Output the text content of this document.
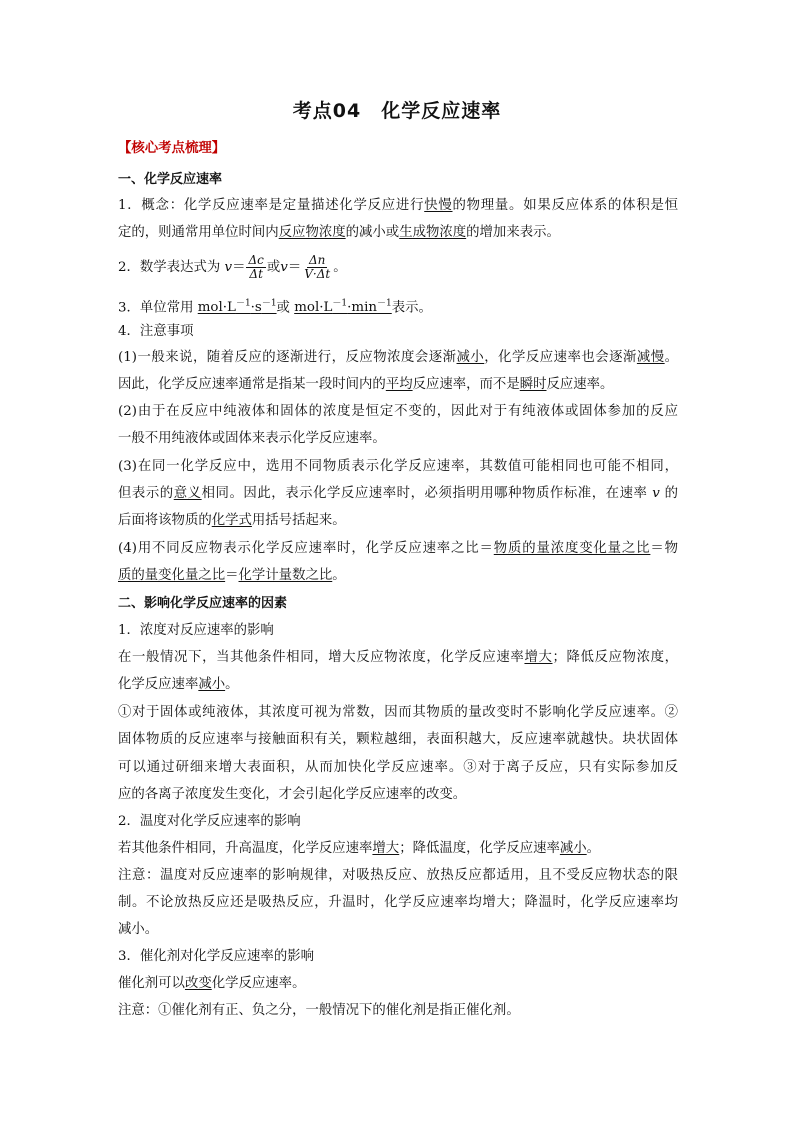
考点04　化学反应速率
【核心考点梳理】
一、化学反应速率
1．概念：化学反应速率是定量描述化学反应进行快慢的物理量。如果反应体系的体积是恒
定的，则通常用单位时间内反应物浓度的减小或生成物浓度的增加来表示。
2．数学表达式为 $v= \frac{\Delta c}{\Delta t}$ 或$v= \frac{\Delta n}{V\cdot\Delta t}$ 。
3．单位常用 $mol\cdot L^{-1}\cdot s^{-1}$或 $mol\cdot L^{-1}\cdot\min^{-1}$表示。
4．注意事项
(1)一般来说，随着反应的逐渐进行，反应物浓度会逐渐减小，化学反应速率也会逐渐减慢。
因此，化学反应速率通常是指某一段时间内的平均反应速率，而不是瞬时反应速率。
(2)由于在反应中纯液体和固体的浓度是恒定不变的，因此对于有纯液体或固体参加的反应
一般不用纯液体或固体来表示化学反应速率。
(3)在同一化学反应中，选用不同物质表示化学反应速率，其数值可能相同也可能不相同，
但表示的意义相同。因此，表示化学反应速率时，必须指明用哪种物质作标准，在速率 v 的
后面将该物质的化学式用括号括起来。
(4)用不同反应物表示化学反应速率时，化学反应速率之比＝物质的量浓度变化量之比＝物
质的量变化量之比＝化学计量数之比。
二、影响化学反应速率的因素
1．浓度对反应速率的影响
在一般情况下，当其他条件相同，增大反应物浓度，化学反应速率增大；降低反应物浓度，
化学反应速率减小。
①对于固体或纯液体，其浓度可视为常数，因而其物质的量改变时不影响化学反应速率。②
固体物质的反应速率与接触面积有关，颗粒越细，表面积越大，反应速率就越快。块状固体
可以通过研细来增大表面积，从而加快化学反应速率。③对于离子反应，只有实际参加反
应的各离子浓度发生变化，才会引起化学反应速率的改变。
2．温度对化学反应速率的影响
若其他条件相同，升高温度，化学反应速率增大；降低温度，化学反应速率减小。
注意：温度对反应速率的影响规律，对吸热反应、放热反应都适用，且不受反应物状态的限
制。不论放热反应还是吸热反应，升温时，化学反应速率均增大；降温时，化学反应速率均
减小。
3．催化剂对化学反应速率的影响
催化剂可以改变化学反应速率。
注意：①催化剂有正、负之分，一般情况下的催化剂是指正催化剂。
